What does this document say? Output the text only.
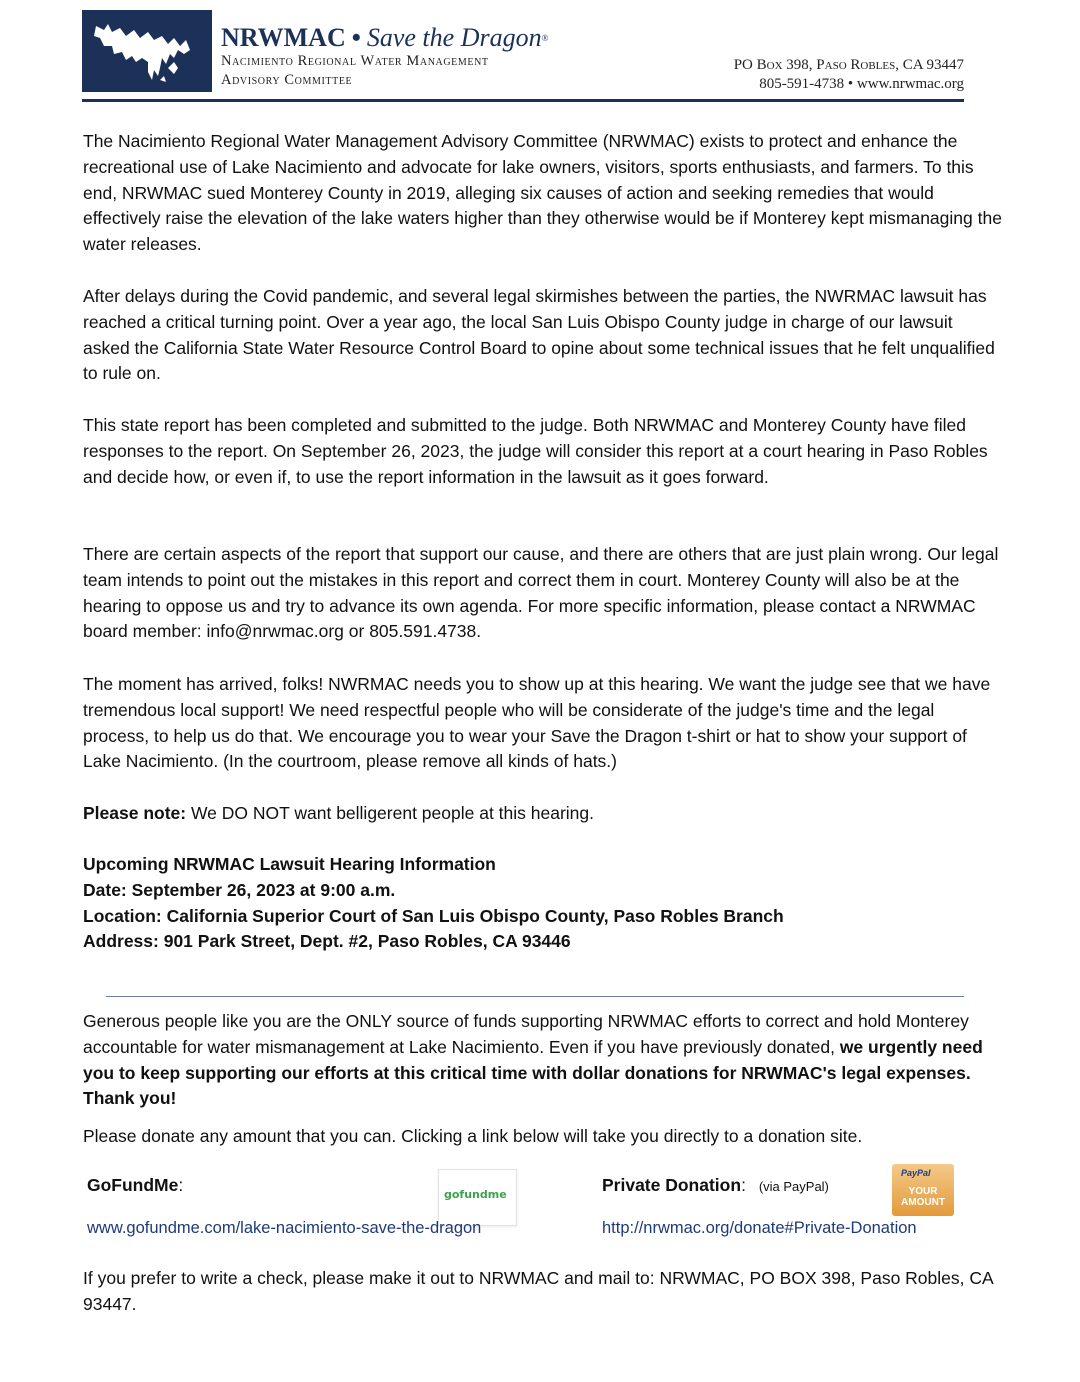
NRWMAC • Save the Dragon®
Nacimiento Regional Water Management
Advisory Committee
PO Box 398, Paso Robles, CA 93447
805-591-4738 • www.nrwmac.org

The Nacimiento Regional Water Management Advisory Committee (NRWMAC) exists to protect and enhance the recreational use of Lake Nacimiento and advocate for lake owners, visitors, sports enthusiasts, and farmers. To this end, NRWMAC sued Monterey County in 2019, alleging six causes of action and seeking remedies that would effectively raise the elevation of the lake waters higher than they otherwise would be if Monterey kept mismanaging the water releases.

After delays during the Covid pandemic, and several legal skirmishes between the parties, the NWRMAC lawsuit has reached a critical turning point. Over a year ago, the local San Luis Obispo County judge in charge of our lawsuit asked the California State Water Resource Control Board to opine about some technical issues that he felt unqualified to rule on.

This state report has been completed and submitted to the judge. Both NRWMAC and Monterey County have filed responses to the report. On September 26, 2023, the judge will consider this report at a court hearing in Paso Robles and decide how, or even if, to use the report information in the lawsuit as it goes forward.

There are certain aspects of the report that support our cause, and there are others that are just plain wrong. Our legal team intends to point out the mistakes in this report and correct them in court. Monterey County will also be at the hearing to oppose us and try to advance its own agenda. For more specific information, please contact a NRWMAC board member: info@nrwmac.org or 805.591.4738.

The moment has arrived, folks! NWRMAC needs you to show up at this hearing. We want the judge see that we have tremendous local support! We need respectful people who will be considerate of the judge's time and the legal process, to help us do that. We encourage you to wear your Save the Dragon t-shirt or hat to show your support of Lake Nacimiento. (In the courtroom, please remove all kinds of hats.)

Please note: We DO NOT want belligerent people at this hearing.

Upcoming NRWMAC Lawsuit Hearing Information

Date: September 26, 2023 at 9:00 a.m.

Location: California Superior Court of San Luis Obispo County, Paso Robles Branch

Address: 901 Park Street, Dept. #2, Paso Robles, CA 93446

Generous people like you are the ONLY source of funds supporting NRWMAC efforts to correct and hold Monterey accountable for water mismanagement at Lake Nacimiento. Even if you have previously donated, we urgently need you to keep supporting our efforts at this critical time with dollar donations for NRWMAC's legal expenses. Thank you!

Please donate any amount that you can. Clicking a link below will take you directly to a donation site.

GoFundMe:	gofundme
www.gofundme.com/lake-nacimiento-save-the-dragon
Private Donation: (via PayPal)
PayPal
YOUR AMOUNT
http://nrwmac.org/donate#Private-Donation

If you prefer to write a check, please make it out to NRWMAC and mail to: NRWMAC, PO BOX 398, Paso Robles, CA 93447.
